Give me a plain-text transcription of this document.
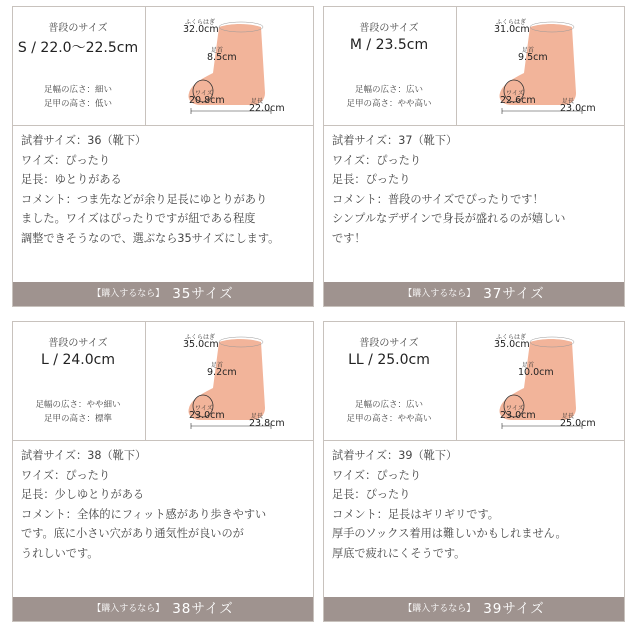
普段のサイズ
S / 22.0〜22.5cm
足幅の広さ：細い
足甲の高さ：低い
ふくらはぎ
32.0cm
足首
8.5cm
ワイズ
20.8cm	足長
22.0cm
試着サイズ：36（靴下）
ワイズ：ぴったり
足長：ゆとりがある
コメント：つま先などが余り足長にゆとりがあり
ました。ワイズはぴったりですが紐である程度
調整できそうなので、選ぶなら35サイズにします。
【購入するなら】 35サイズ
普段のサイズ
M / 23.5cm
足幅の広さ：広い
足甲の高さ：やや高い
ふくらはぎ
31.0cm
足首
9.5cm
ワイズ
22.6cm	足長
23.0cm
試着サイズ：37（靴下）
ワイズ：ぴったり
足長：ぴったり
コメント：普段のサイズでぴったりです！
シンプルなデザインで身長が盛れるのが嬉しい
です！
【購入するなら】 37サイズ
普段のサイズ
L / 24.0cm
足幅の広さ：やや細い
足甲の高さ：標準
ふくらはぎ
35.0cm
足首
9.2cm
ワイズ
23.0cm	足長
23.8cm
試着サイズ：38（靴下）
ワイズ：ぴったり
足長：少しゆとりがある
コメント：全体的にフィット感があり歩きやすい
です。底に小さい穴があり通気性が良いのが
うれしいです。
【購入するなら】 38サイズ
普段のサイズ
LL / 25.0cm
足幅の広さ：広い
足甲の高さ：やや高い
ふくらはぎ
35.0cm
足首
10.0cm
ワイズ
23.0cm	足長
25.0cm
試着サイズ：39（靴下）
ワイズ：ぴったり
足長：ぴったり
コメント：足長はギリギリです。
厚手のソックス着用は難しいかもしれません。
厚底で疲れにくそうです。
【購入するなら】 39サイズ
